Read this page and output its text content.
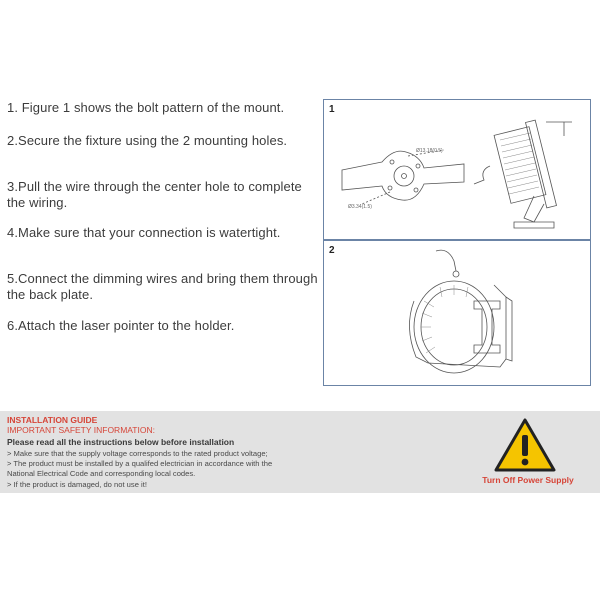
1. Figure 1 shows the bolt pattern of the mount.

2.Secure the fixture using the 2 mounting holes.

3.Pull the wire through the center hole to complete the wiring.

4.Make sure that your connection is watertight.

5.Connect the dimming wires and bring them through the back plate.

6.Attach the laser pointer to the holder.

1
Ø13.18(0.5)
Ø3.34(1.5)
2
INSTALLATION GUIDE
IMPORTANT SAFETY INFORMATION:
Please read all the instructions below before installation
> Make sure that the supply voltage corresponds to the rated product voltage;
> The product must be installed by a qualifed electrician in accordance with the
National Electrical Code and corresponding local codes.
> If the product is damaged, do not use it!	Turn Off Power Supply
